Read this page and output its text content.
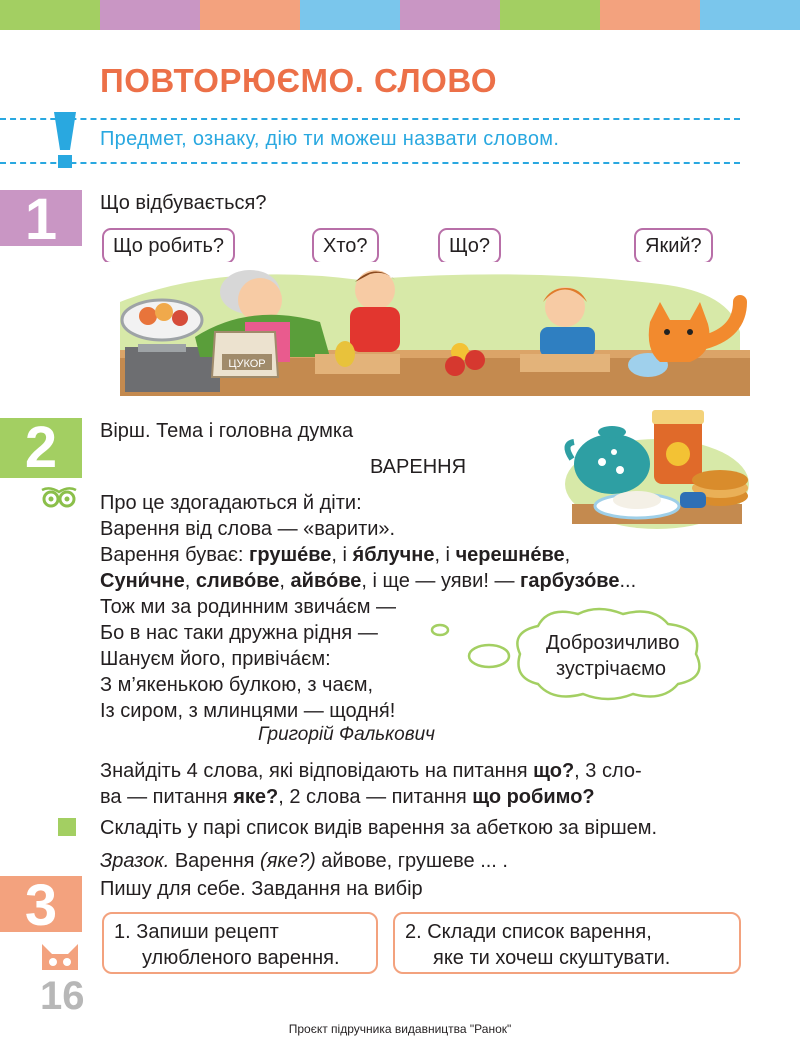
ПОВТОРЮЄМО. СЛОВО
Предмет, ознаку, дію ти можеш назвати словом.
1	Що відбувається?
Що робить?	Хто?	Що?	Який?
ЦУКОР
2	Вірш. Тема і головна думка
ВАРЕННЯ

Про це здогадаються й діти:

Варення від слова — «варити».

Варення буває: груше́ве, і я́блучне, і черешне́ве,

Суни́чне, сливо́ве, айво́ве, і ще — уяви! — гарбузо́ве...

Тож ми за родинним звичáєм —

Бо в нас таки дружна рідня —

Шануєм його, привічáєм:

З м’якенькою булкою, з чаєм,

Із сиром, з млинцями — щодня́!

Григорій Фалькович
Доброзичливо зустрічаємо
Знайдіть 4 слова, які відповідають на питання що?, 3 сло-
ва — питання яке?, 2 слова — питання що робимо?
Складіть у парі список видів варення за абеткою за віршем.
Зразок. Варення (яке?) айвове, грушеве ... .
3	Пишу для себе. Завдання на вибір
1. Запиши рецепт
улюбленого варення.
2. Склади список варення,
яке ти хочеш скуштувати.
16
Проєкт підручника видавництва "Ранок"
